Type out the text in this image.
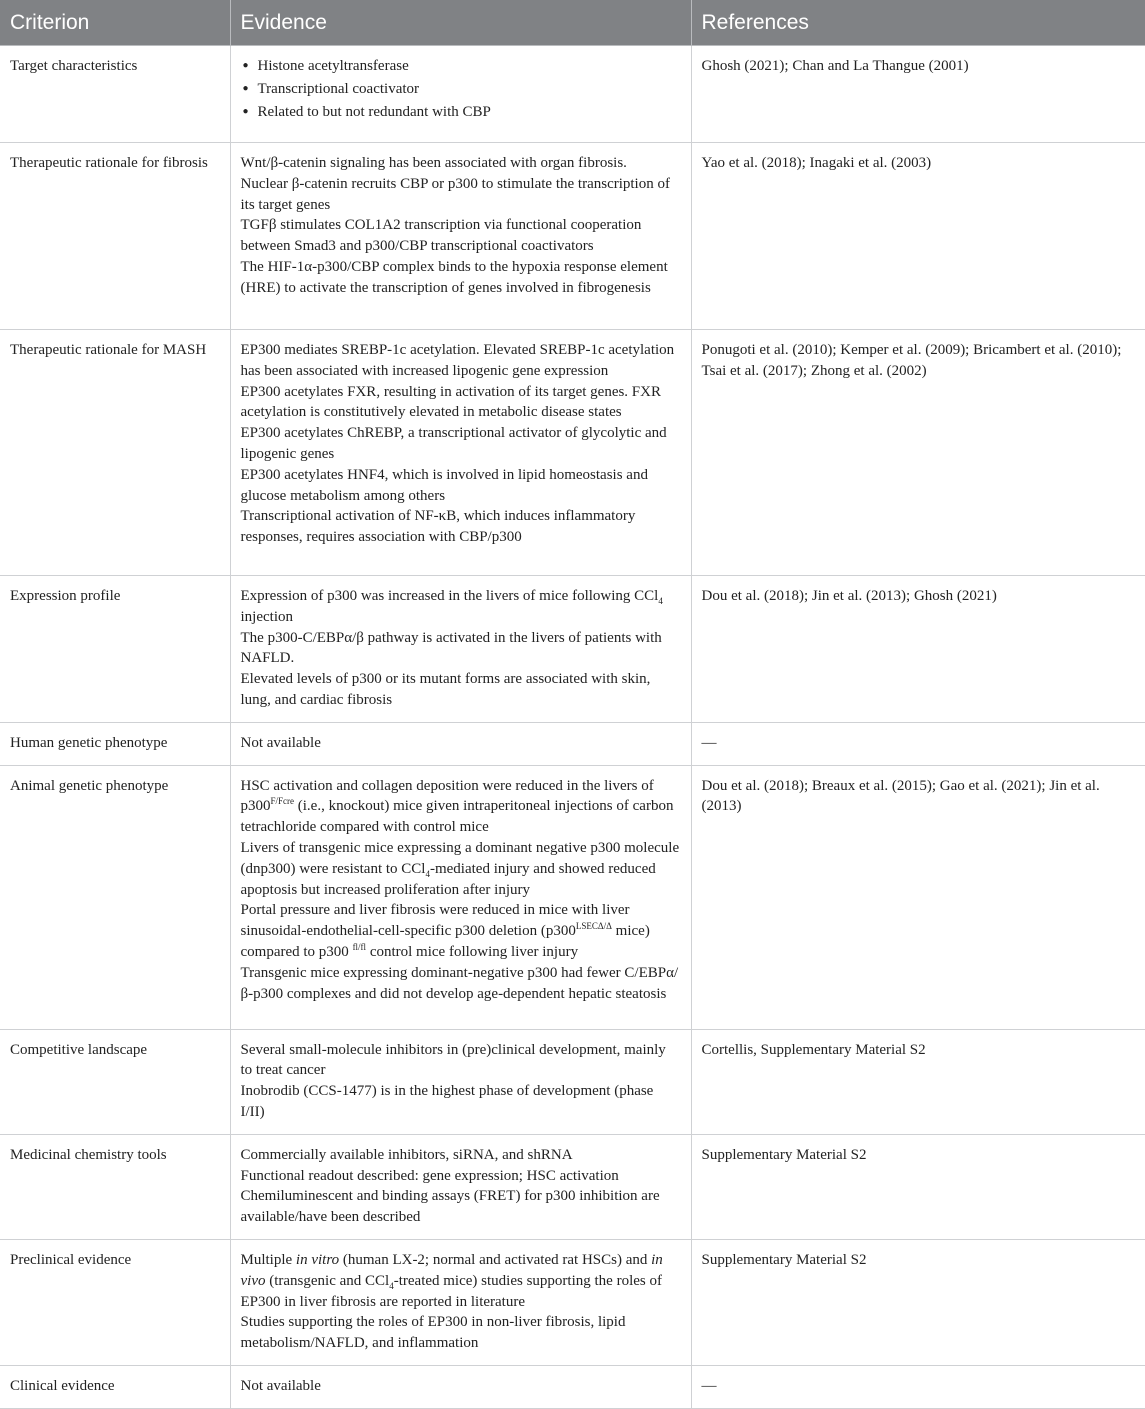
Criterion	Evidence	References
Target characteristics	● Histone acetyltransferase
● Transcriptional coactivator
● Related to but not redundant with CBP	Ghosh (2021); Chan and La Thangue (2001)
Therapeutic rationale for fibrosis	Wnt/β-catenin signaling has been associated with organ fibrosis.
Nuclear β-catenin recruits CBP or p300 to stimulate the transcription of its target genes
TGFβ stimulates COL1A2 transcription via functional cooperation between Smad3 and p300/CBP transcriptional coactivators
The HIF-1α-p300/CBP complex binds to the hypoxia response element (HRE) to activate the transcription of genes involved in fibrogenesis	Yao et al. (2018); Inagaki et al. (2003)
Therapeutic rationale for MASH	EP300 mediates SREBP-1c acetylation. Elevated SREBP-1c acetylation has been associated with increased lipogenic gene expression
EP300 acetylates FXR, resulting in activation of its target genes. FXR acetylation is constitutively elevated in metabolic disease states
EP300 acetylates ChREBP, a transcriptional activator of glycolytic and lipogenic genes
EP300 acetylates HNF4, which is involved in lipid homeostasis and glucose metabolism among others
Transcriptional activation of NF-κB, which induces inflammatory responses, requires association with CBP/p300	Ponugoti et al. (2010); Kemper et al. (2009); Bricambert et al. (2010); Tsai et al. (2017); Zhong et al. (2002)
Expression profile	Expression of p300 was increased in the livers of mice following CCl$_4$ injection
The p300-C/EBPα/β pathway is activated in the livers of patients with NAFLD.
Elevated levels of p300 or its mutant forms are associated with skin, lung, and cardiac fibrosis	Dou et al. (2018); Jin et al. (2013); Ghosh (2021)
Human genetic phenotype	Not available	—
Animal genetic phenotype	HSC activation and collagen deposition were reduced in the livers of $p300^{F/Fcre}$ (i.e., knockout) mice given intraperitoneal injections of carbon tetrachloride compared with control mice
Livers of transgenic mice expressing a dominant negative p300 molecule (dnp300) were resistant to CCl$_4$-mediated injury and showed reduced apoptosis but increased proliferation after injury
Portal pressure and liver fibrosis were reduced in mice with liver sinusoidal-endothelial-cell-specific p300 deletion ($p300^{LSEC\Delta/\Delta}$ mice) compared to p300 $^{fl/fl}$ control mice following liver injury
Transgenic mice expressing dominant-negative p300 had fewer C/EBPα/β-p300 complexes and did not develop age-dependent hepatic steatosis	Dou et al. (2018); Breaux et al. (2015); Gao et al. (2021); Jin et al. (2013)
Competitive landscape	Several small-molecule inhibitors in (pre)clinical development, mainly to treat cancer
Inobrodib (CCS-1477) is in the highest phase of development (phase I/II)	Cortellis, Supplementary Material S2
Medicinal chemistry tools	Commercially available inhibitors, siRNA, and shRNA
Functional readout described: gene expression; HSC activation
Chemiluminescent and binding assays (FRET) for p300 inhibition are available/have been described	Supplementary Material S2
Preclinical evidence	Multiple in vitro (human LX-2; normal and activated rat HSCs) and in vivo (transgenic and CCl$_4$-treated mice) studies supporting the roles of EP300 in liver fibrosis are reported in literature
Studies supporting the roles of EP300 in non-liver fibrosis, lipid metabolism/NAFLD, and inflammation	Supplementary Material S2
Clinical evidence	Not available	—
